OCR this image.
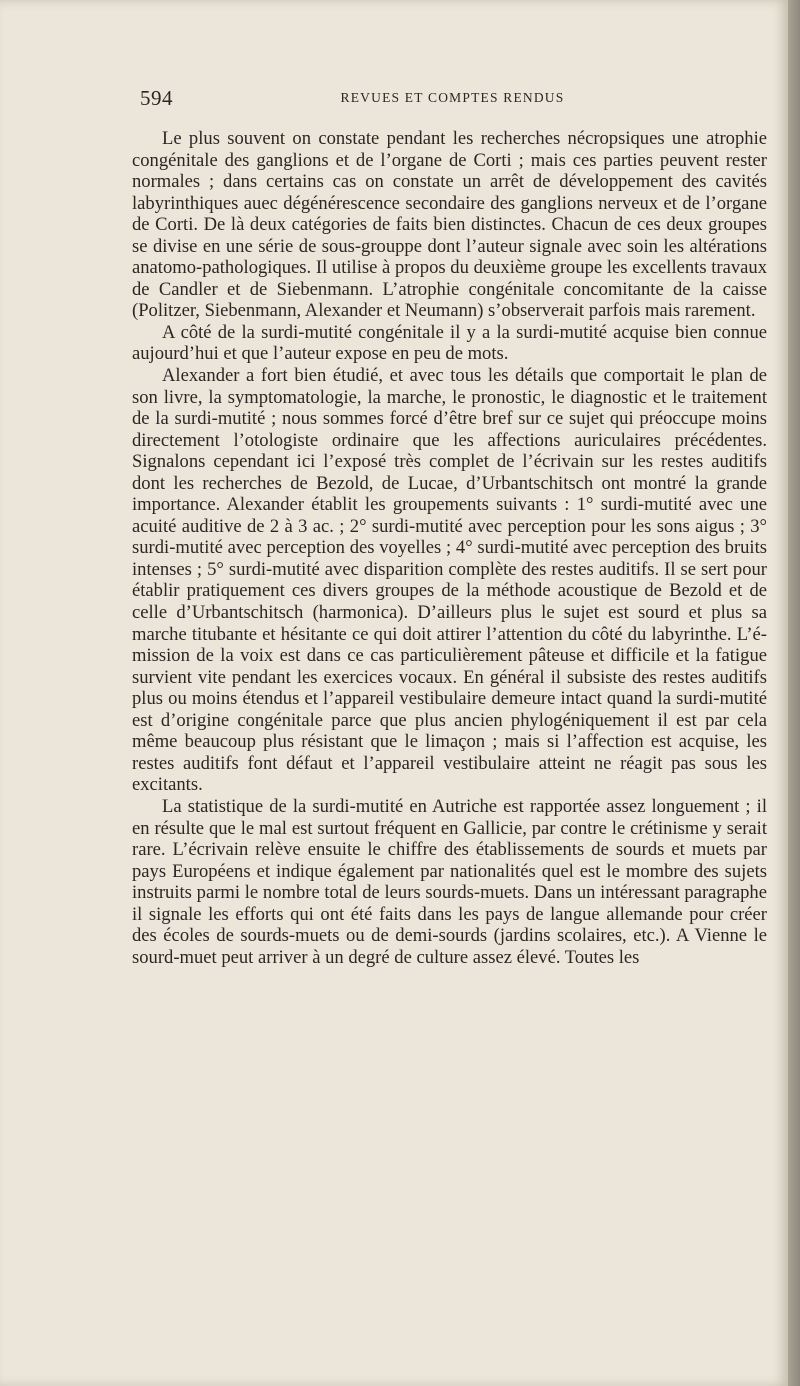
594	REVUES ET COMPTES RENDUS

Le plus souvent on constate pendant les recherches nécropsiques une atrophie congénitale des ganglions et de l’organe de Corti ; mais ces parties peuvent rester normales ; dans certains cas on constate un arrêt de développement des cavités labyrinthiques auec dégénérescence secondaire des ganglions nerveux et de l’organe de Corti. De là deux catégories de faits bien distinctes. Chacun de ces deux groupes se divise en une série de sous-grouppe dont l’auteur signale avec soin les altérations anatomo-pathologiques. Il utilise à propos du deuxième groupe les excellents travaux de Candler et de Siebenmann. L’atrophie congénitale concomitante de la caisse (Politzer, Siebenmann, Alexander et Neumann) s’observerait parfois mais rarement.

A côté de la surdi-mutité congénitale il y a la surdi-mutité acquise bien connue aujourd’hui et que l’auteur expose en peu de mots.

Alexander a fort bien étudié, et avec tous les détails que comportait le plan de son livre, la symptomatologie, la marche, le pronostic, le diagnostic et le traitement de la surdi-mutité ; nous sommes forcé d’être bref sur ce sujet qui préoccupe moins directement l’otologiste ordinaire que les affections auriculaires précédentes. Signalons cependant ici l’exposé très complet de l’écrivain sur les restes auditifs dont les recherches de Bezold, de Lucae, d’Urbantschitsch ont montré la grande importance. Alexander établit les groupements suivants : 1° surdi-mutité avec une acuité auditive de 2 à 3 ac. ; 2° surdi-mutité avec perception pour les sons aigus ; 3° surdi-mutité avec perception des voyelles ; 4° surdi-mutité avec perception des bruits intenses ; 5° surdi-mutité avec disparition complète des restes auditifs. Il se sert pour établir pratiquement ces divers groupes de la méthode acoustique de Bezold et de celle d’Urbantschitsch (harmonica). D’ailleurs plus le sujet est sourd et plus sa marche titubante et hésitante ce qui doit attirer l’attention du côté du labyrinthe. L’émission de la voix est dans ce cas particulièrement pâteuse et difficile et la fatigue survient vite pendant les exercices vocaux. En général il subsiste des restes auditifs plus ou moins étendus et l’appareil vestibulaire demeure intact quand la surdi-mutité est d’origine congénitale parce que plus ancien phylogéniquement il est par cela même beaucoup plus résistant que le limaçon ; mais si l’affection est acquise, les restes auditifs font défaut et l’appareil vestibulaire atteint ne réagit pas sous les excitants.

La statistique de la surdi-mutité en Autriche est rapportée assez longuement ; il en résulte que le mal est surtout fréquent en Gallicie, par contre le crétinisme y serait rare. L’écrivain relève ensuite le chiffre des établissements de sourds et muets par pays Européens et indique également par nationalités quel est le mombre des sujets instruits parmi le nombre total de leurs sourds-muets. Dans un intéressant paragraphe il signale les efforts qui ont été faits dans les pays de langue allemande pour créer des écoles de sourds-muets ou de demi-sourds (jardins scolaires, etc.). A Vienne le sourd-muet peut arriver à un degré de culture assez élevé. Toutes les
